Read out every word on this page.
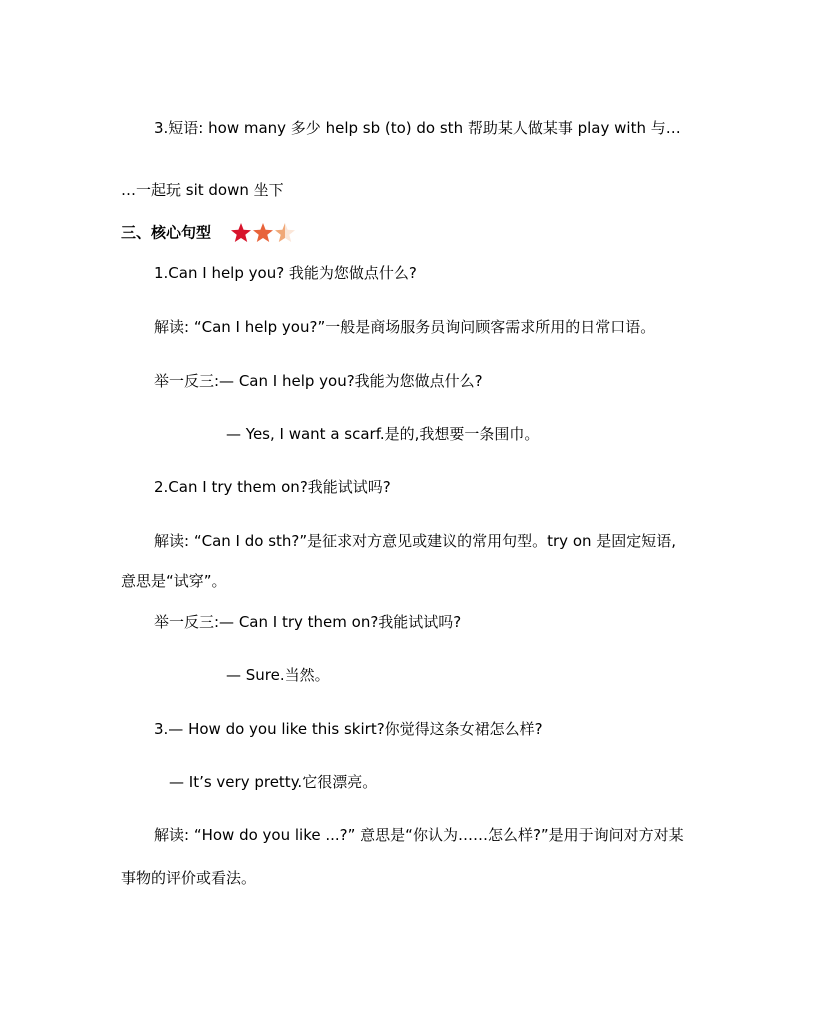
3.短语: how many 多少 help sb (to) do sth 帮助某人做某事 play with 与…
…一起玩 sit down 坐下
三、核心句型
1.Can I help you? 我能为您做点什么?
解读: “Can I help you?”一般是商场服务员询问顾客需求所用的日常口语。
举一反三:— Can I help you?我能为您做点什么?
— Yes, I want a scarf.是的,我想要一条围巾。
2.Can I try them on?我能试试吗?
解读: “Can I do sth?”是征求对方意见或建议的常用句型。try on 是固定短语,
意思是“试穿”。
举一反三:— Can I try them on?我能试试吗?
— Sure.当然。
3.— How do you like this skirt?你觉得这条女裙怎么样?
— It’s very pretty.它很漂亮。
解读: “How do you like ...?” 意思是“你认为……怎么样?”是用于询问对方对某
事物的评价或看法。
